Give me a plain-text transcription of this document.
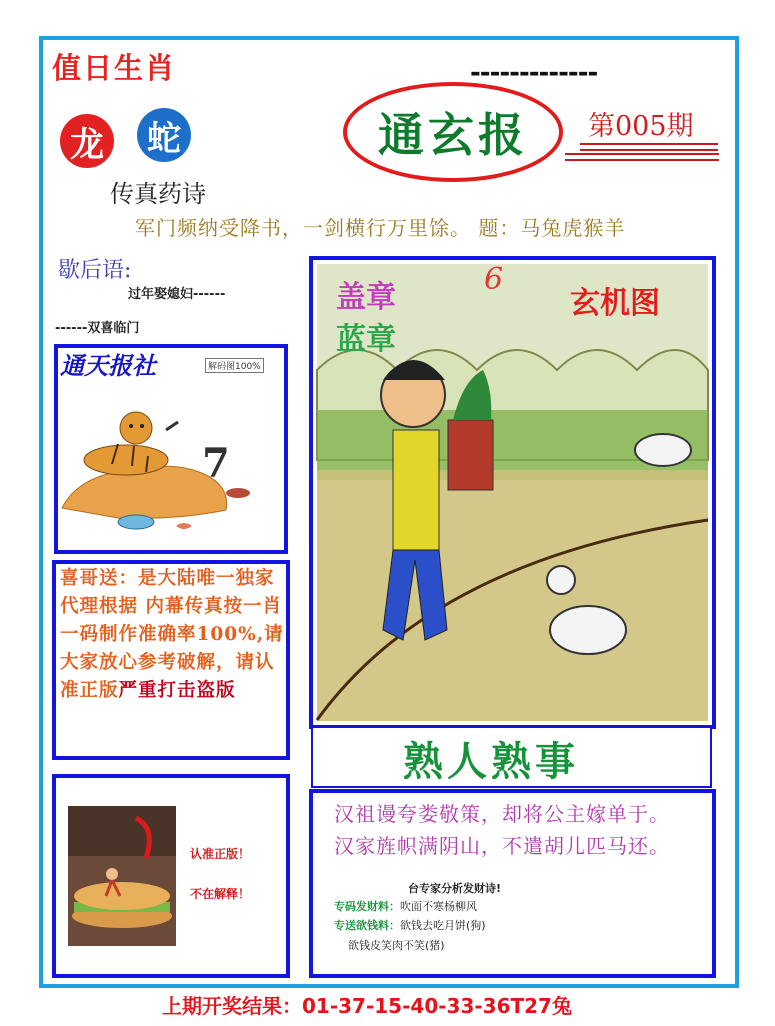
值日生肖	-------------
龙 蛇	通玄报	第005期
传真药诗
军门频纳受降书，一剑横行万里馀。 题：马兔虎猴羊
歇后语:
过年娶媳妇------
------双喜临门
通天报社	解码图100%
7
喜哥送：是大陆唯一独家代理根据 内幕传真按一肖一码制作准确率100%,请大家放心参考破解，请认准正版严重打击盗版
认准正版！
不在解释！
盖章
蓝章
玄机图
6
熟人熟事
汉祖谩夸娄敬策，却将公主嫁单于。
汉家旌帜满阴山，不遣胡儿匹马还。
台专家分析发财诗!
专码发财料：吹面不寒杨柳风
专送欲钱料：欲钱去吃月饼(狗)
欲钱皮笑肉不笑(猪)
上期开奖结果：01-37-15-40-33-36T27兔
